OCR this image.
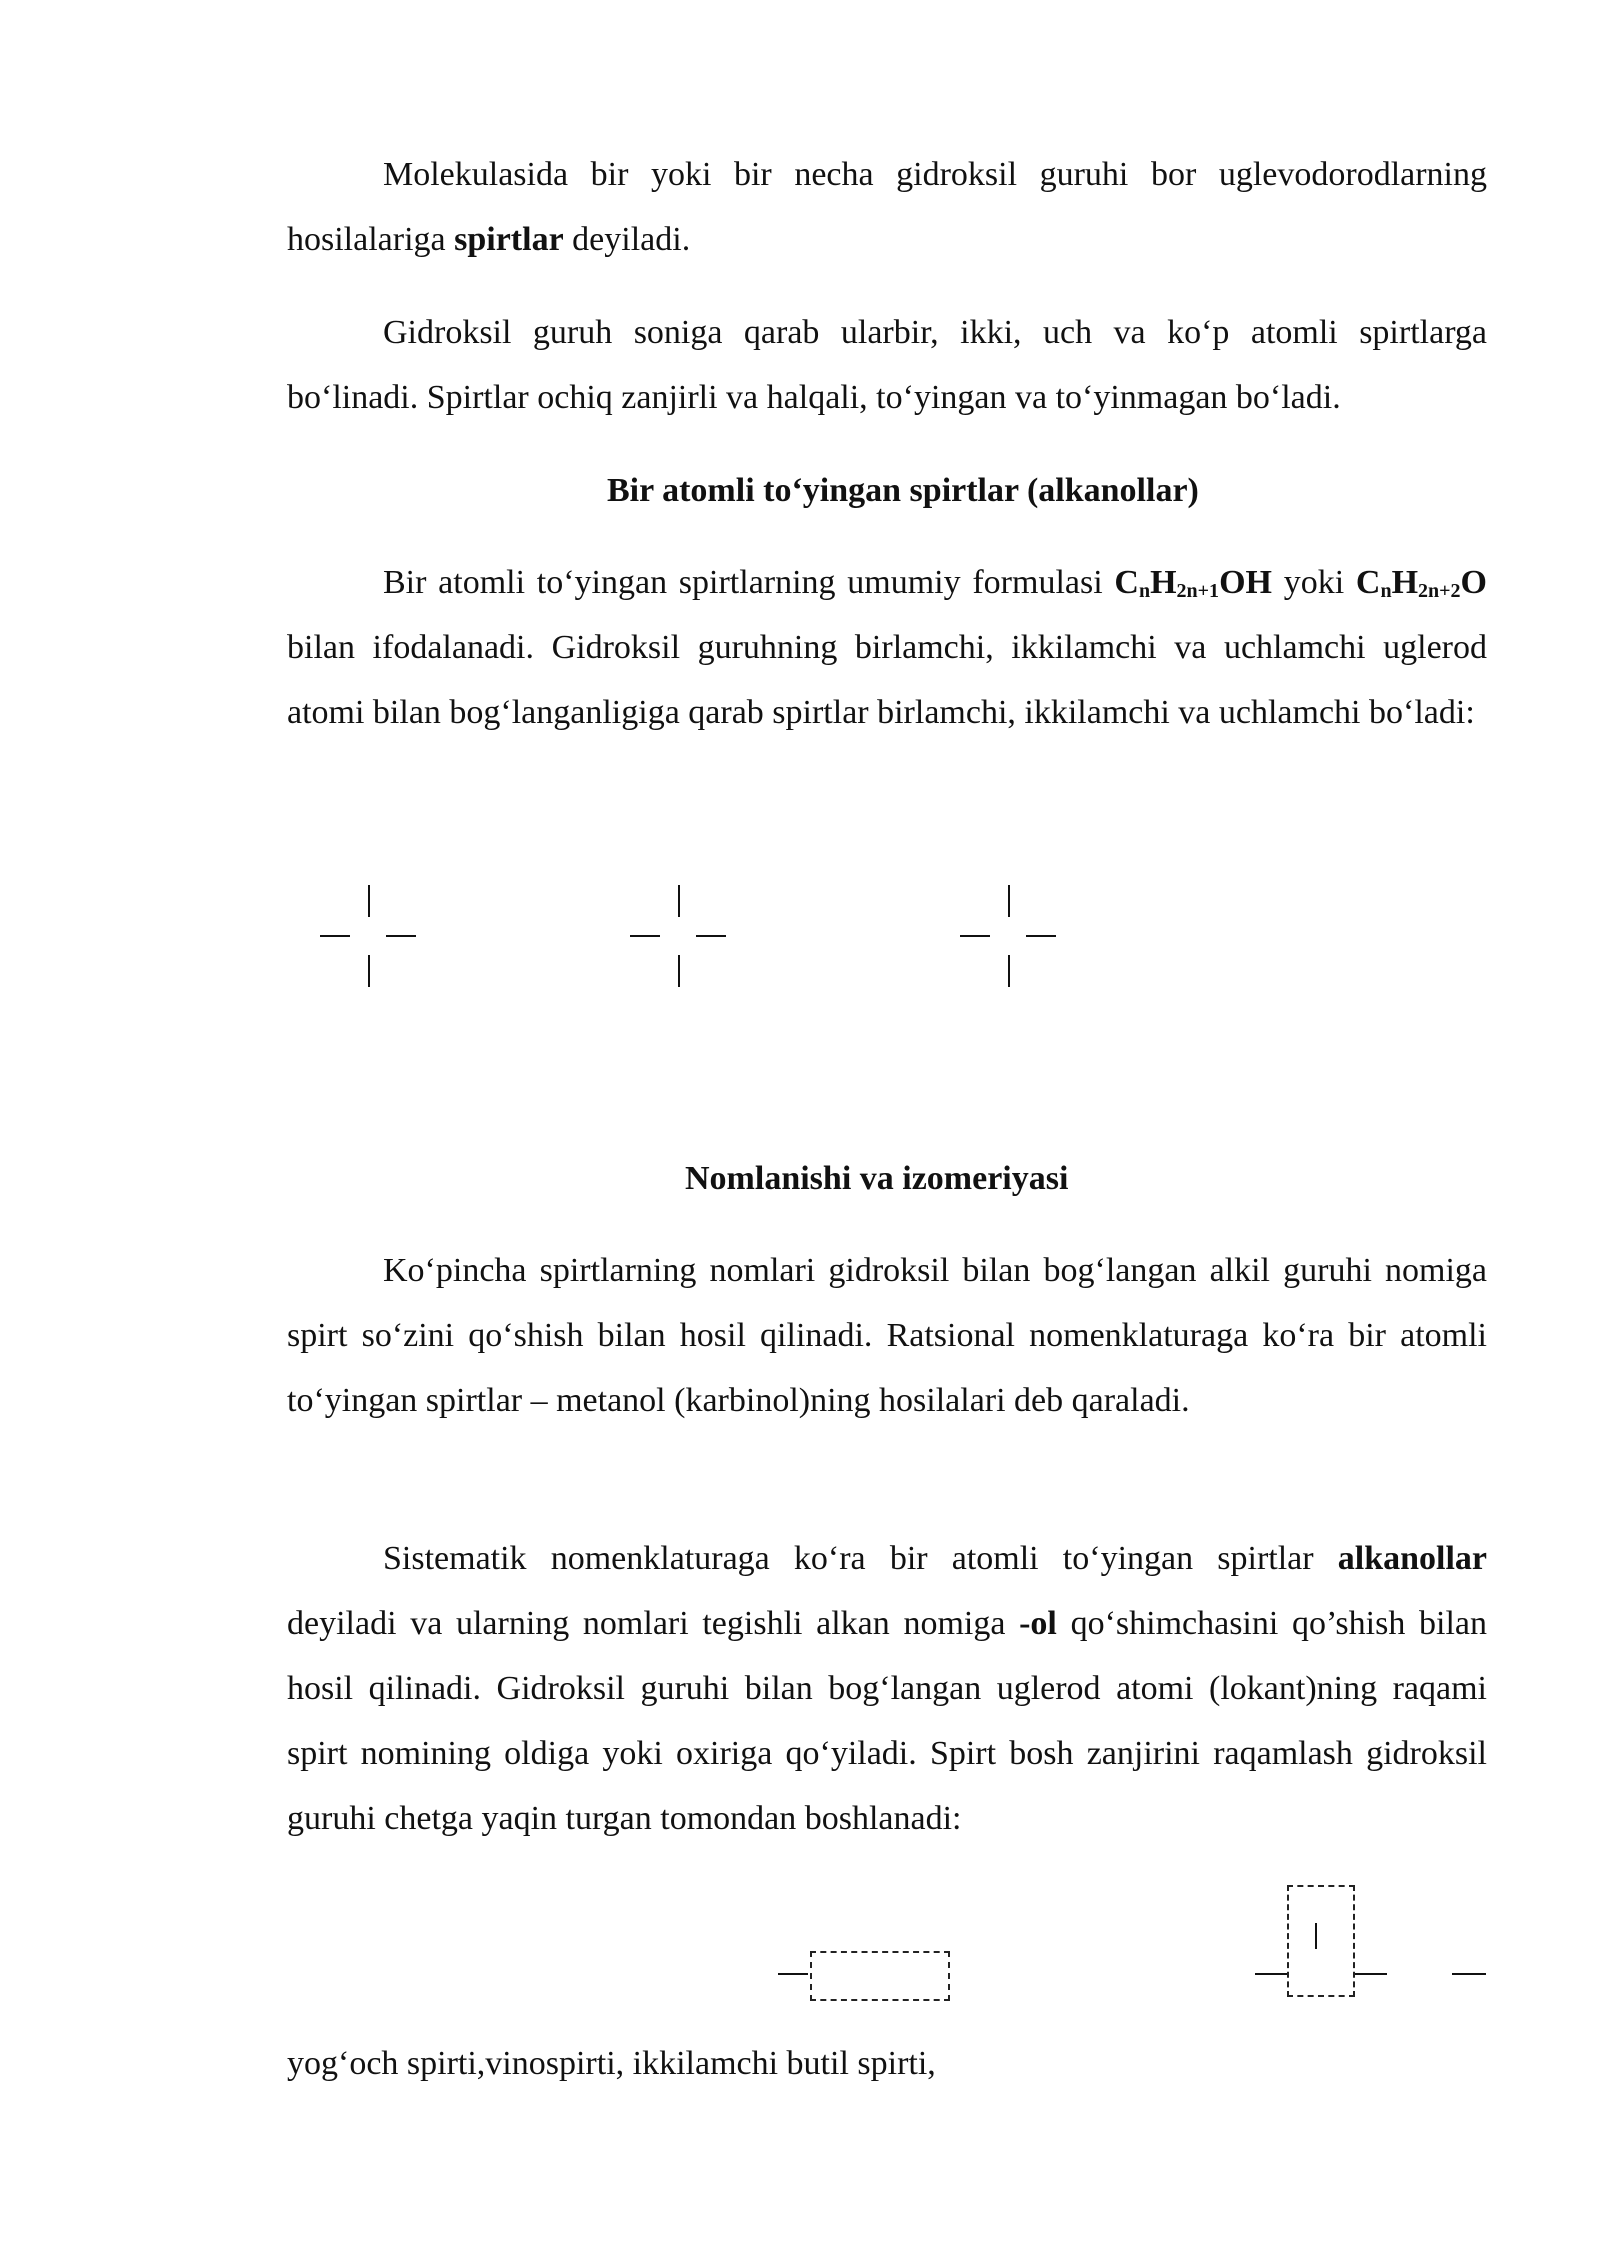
Molekulasida bir yoki bir necha gidroksil guruhi bor uglevodorodlarning hosilalariga spirtlar deyiladi.

Gidroksil guruh soniga qarab ularbir, ikki, uch va ko‘p atomli spirtlarga bo‘linadi. Spirtlar ochiq zanjirli va halqali, to‘yingan va to‘yinmagan bo‘ladi.

Bir atomli to‘yingan spirtlar (alkanollar)

Bir atomli to‘yingan spirtlarning umumiy formulasi $C_nH_{2n+1}OH$ yoki $C_nH_{2n+2}O$ bilan ifodalanadi. Gidroksil guruhning birlamchi, ikkilamchi va uchlamchi uglerod atomi bilan bog‘langanligiga qarab spirtlar birlamchi, ikkilamchi va uchlamchi bo‘ladi:

Nomlanishi va izomeriyasi

Ko‘pincha spirtlarning nomlari gidroksil bilan bog‘langan alkil guruhi nomiga spirt so‘zini qo‘shish bilan hosil qilinadi. Ratsional nomenklaturaga ko‘ra bir atomli to‘yingan spirtlar – metanol (karbinol)ning hosilalari deb qaraladi.

Sistematik nomenklaturaga ko‘ra bir atomli to‘yingan spirtlar alkanollar deyiladi va ularning nomlari tegishli alkan nomiga -ol qo‘shimchasini qo’shish bilan hosil qilinadi. Gidroksil guruhi bilan bog‘langan uglerod atomi (lokant)ning raqami spirt nomining oldiga yoki oxiriga qo‘yiladi. Spirt bosh zanjirini raqamlash gidroksil guruhi chetga yaqin turgan tomondan boshlanadi:

yog‘och spirti,vinospirti, ikkilamchi butil spirti,
